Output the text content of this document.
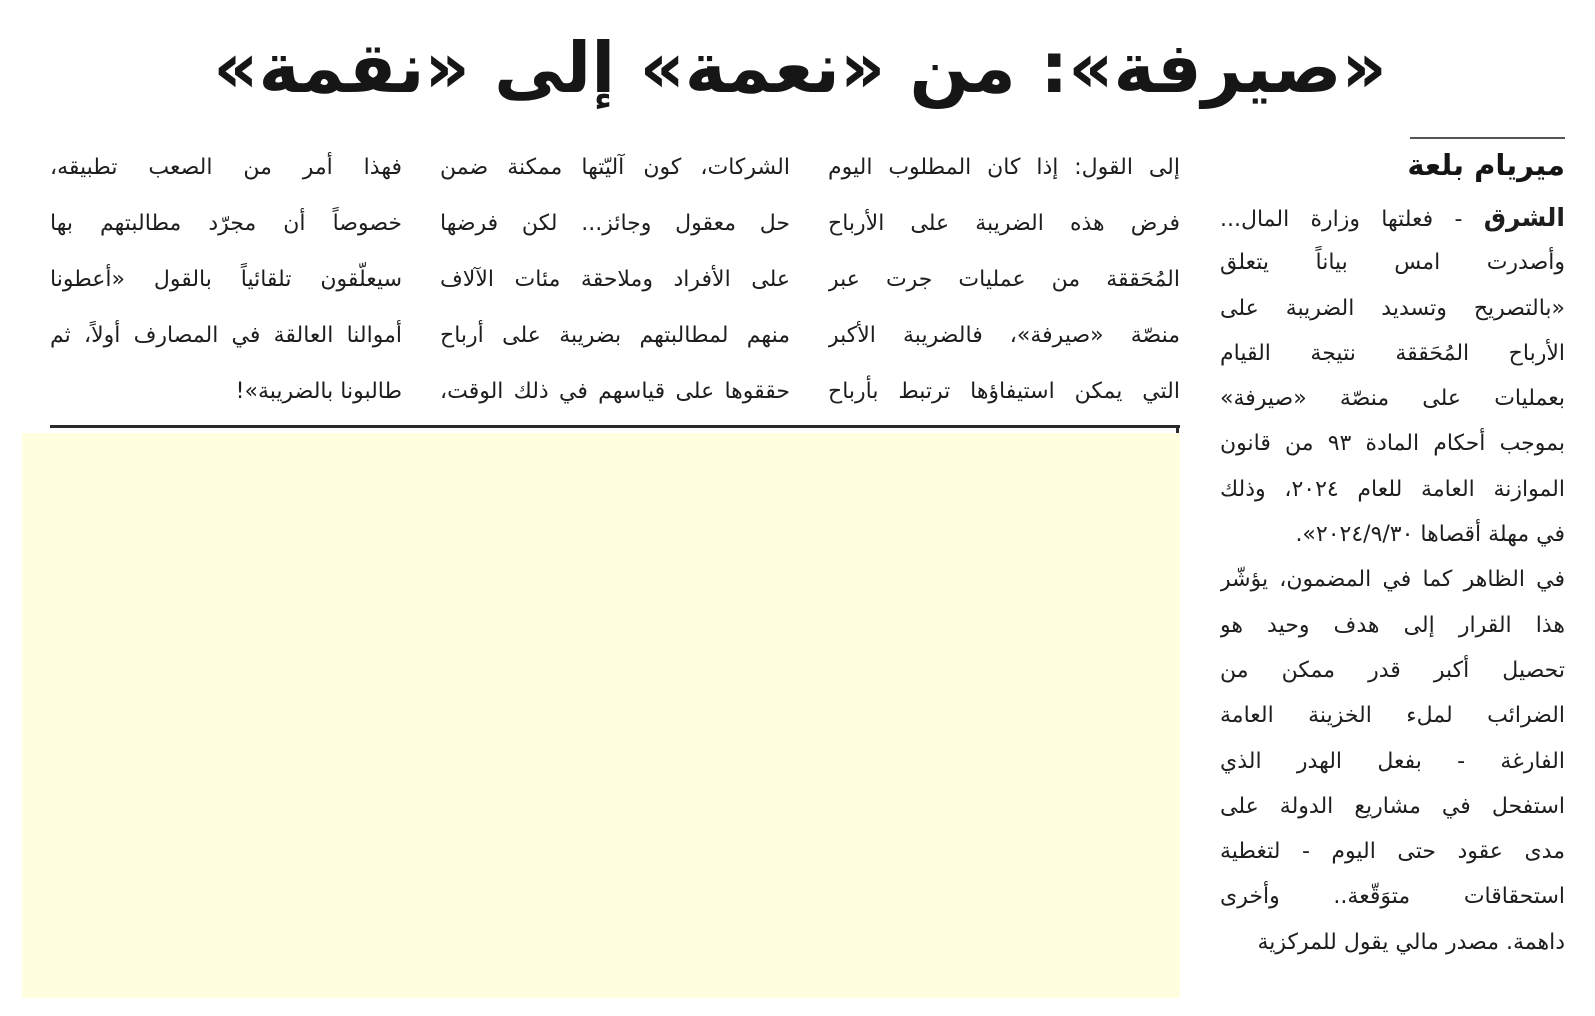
«صيرفة»: من «نعمة» إلى «نقمة»
ميريام بلعة

الشرق - فعلتها وزارة المال...

وأصدرت امس بياناً يتعلق

«بالتصريح وتسديد الضريبة على

الأرباح المُحَققة نتيجة القيام

بعمليات على منصّة «صيرفة»

بموجب أحكام المادة ٩٣ من قانون

الموازنة العامة للعام ٢٠٢٤، وذلك

في مهلة أقصاها ٢٠٢٤/٩/٣٠».

في الظاهر كما في المضمون، يؤشّر

هذا القرار إلى هدف وحيد هو

تحصيل أكبر قدر ممكن من

الضرائب لملء الخزينة العامة

الفارغة - بفعل الهدر الذي

استفحل في مشاريع الدولة على

مدى عقود حتى اليوم - لتغطية

استحقاقات متوَقّعة.. وأخرى

داهمة. مصدر مالي يقول للمركزية

إلى القول: إذا كان المطلوب اليوم

فرض هذه الضريبة على الأرباح

المُحَققة من عمليات جرت عبر

منصّة «صيرفة»، فالضريبة الأكبر

التي يمكن استيفاؤها ترتبط بأرباح

الشركات، كون آليّتها ممكنة ضمن

حل معقول وجائز... لكن فرضها

على الأفراد وملاحقة مئات الآلاف

منهم لمطالبتهم بضريبة على أرباح

حققوها على قياسهم في ذلك الوقت،

فهذا أمر من الصعب تطبيقه،

خصوصاً أن مجرّد مطالبتهم بها

سيعلّقون تلقائياً بالقول «أعطونا

أموالنا العالقة في المصارف أولاً، ثم

طالبونا بالضريبة»!
